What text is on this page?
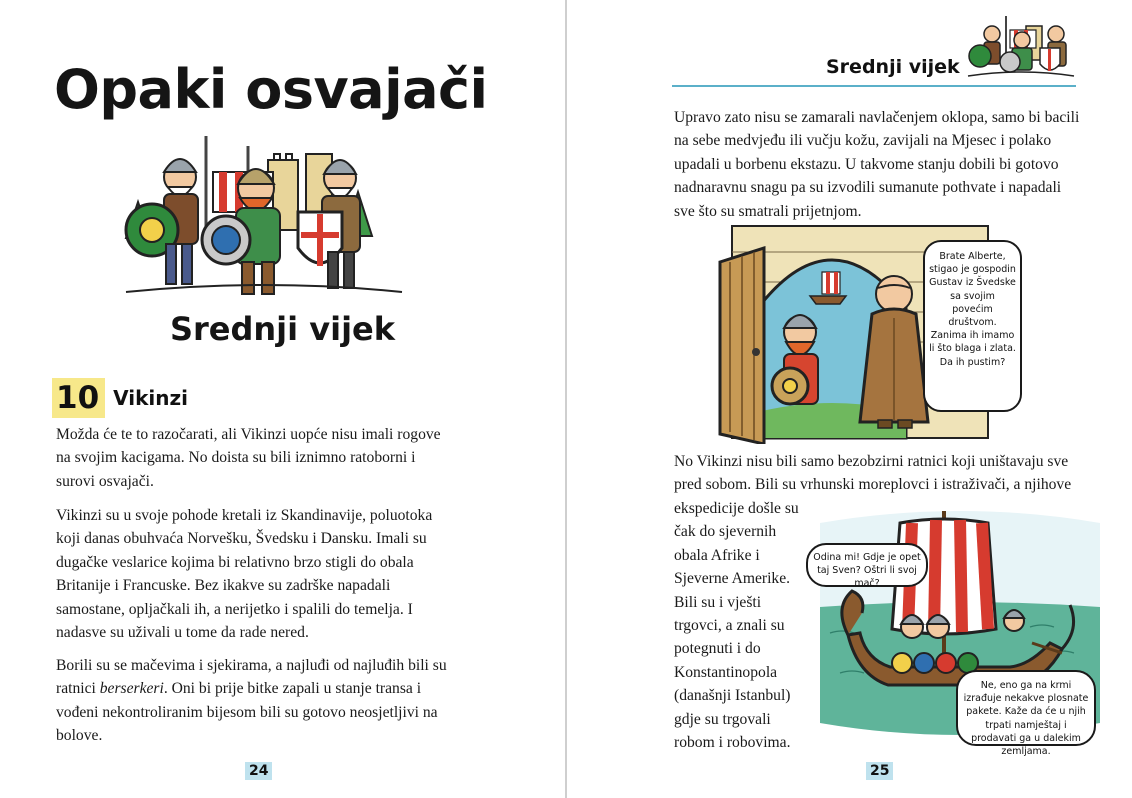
Opaki osvajači
Srednji vijek
10 Vikinzi

Možda će te to razočarati, ali Vikinzi uopće nisu imali rogove na svojim kacigama. No doista su bili iznimno ratoborni i surovi osvajači.

Vikinzi su u svoje pohode kretali iz Skandinavije, poluotoka koji danas obuhvaća Norvešku, Švedsku i Dansku. Imali su dugačke veslarice kojima bi relativno brzo stigli do obala Britanije i Francuske. Bez ikakve su zadrške napadali samostane, opljačkali ih, a nerijetko i spalili do temelja. I nadasve su uživali u tome da rade nered.

Borili su se mačevima i sjekirama, a najluđi od najluđih bili su ratnici berserkeri. Oni bi prije bitke zapali u stanje transa i vođeni nekontroliranim bijesom bili su gotovo neosjetljivi na bolove.

24
Srednji vijek

Upravo zato nisu se zamarali navlačenjem oklopa, samo bi bacili na sebe medvjeđu ili vučju kožu, zavijali na Mjesec i polako upadali u borbenu ekstazu. U takvome stanju dobili bi gotovo nadnaravnu snagu pa su izvodili sumanute pothvate i napadali sve što su smatrali prijetnjom.

Brate Alberte, stigao je gospodin Gustav iz Švedske sa svojim povećim društvom. Zanima ih imamo li što blaga i zlata. Da ih pustim?

No Vikinzi nisu bili samo bezobzirni ratnici koji uništavaju sve pred sobom. Bili su vrhunski moreplovci i istraživači, a njihove

ekspedicije došle su čak do sjevernih obala Afrike i Sjeverne Amerike. Bili su i vješti trgovci, a znali su potegnuti i do Konstantinopola (današnji Istanbul) gdje su trgovali robom i robovima.

Odina mi! Gdje je opet taj Sven? Oštri li svoj mač?
Ne, eno ga na krmi izrađuje nekakve plosnate pakete. Kaže da će u njih trpati namještaj i prodavati ga u dalekim zemljama.
25
